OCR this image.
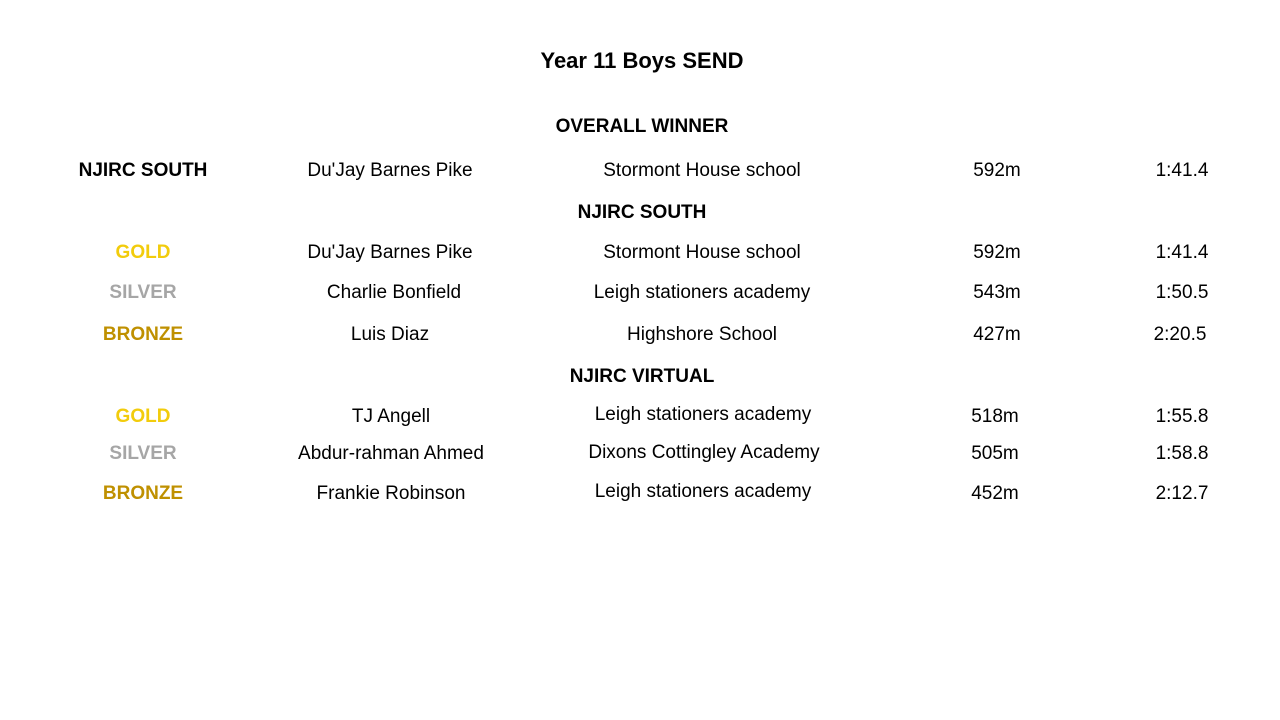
Year 11 Boys SEND
OVERALL WINNER
NJIRC SOUTH	Du'Jay Barnes Pike	Stormont House school	592m	1:41.4
NJIRC SOUTH
GOLD	Du'Jay Barnes Pike	Stormont House school	592m	1:41.4
SILVER	Charlie Bonfield	Leigh stationers academy	543m	1:50.5
BRONZE	Luis Diaz	Highshore School	427m	2:20.5
NJIRC VIRTUAL
GOLD	TJ Angell	Leigh stationers academy	518m	1:55.8
SILVER	Abdur-rahman Ahmed	Dixons Cottingley Academy	505m	1:58.8
BRONZE	Frankie Robinson	Leigh stationers academy	452m	2:12.7
